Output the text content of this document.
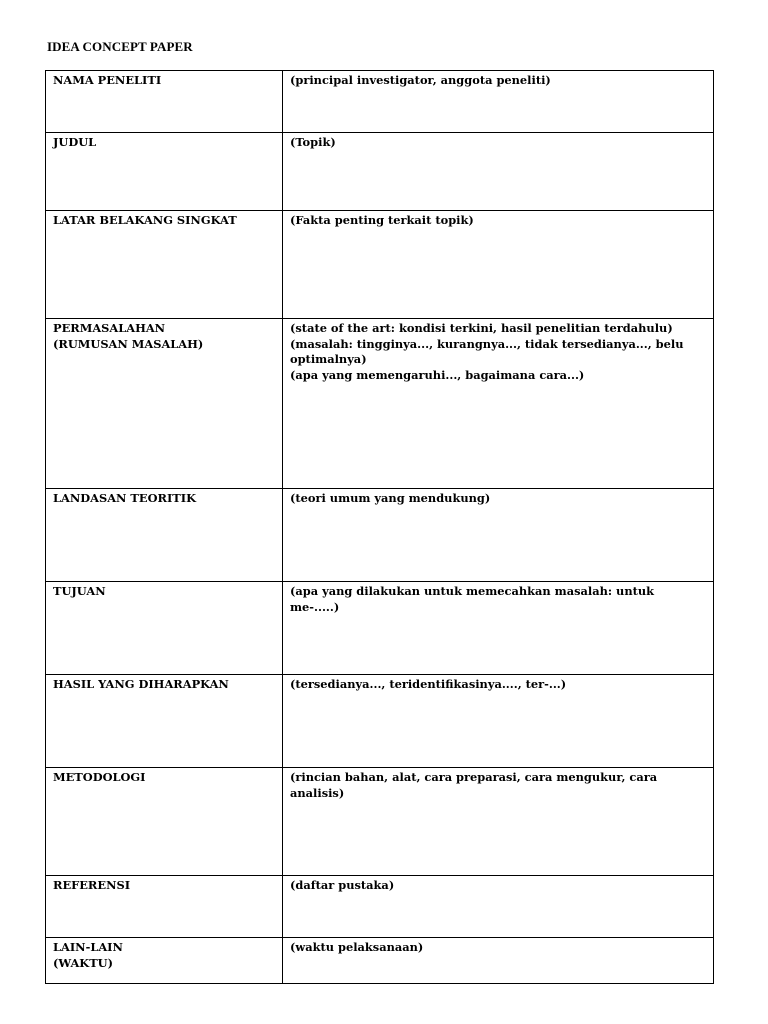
IDEA CONCEPT PAPER
NAMA PENELITI	(principal investigator, anggota peneliti)

JUDUL	(Topik)

LATAR BELAKANG SINGKAT	(Fakta penting terkait topik)

PERMASALAHAN
(RUMUSAN MASALAH)	(state of the art: kondisi terkini, hasil penelitian terdahulu)
(masalah: tingginya..., kurangnya..., tidak tersedianya..., belu optimalnya)
(apa yang memengaruhi..., bagaimana cara...)

LANDASAN TEORITIK	(teori umum yang mendukung)

TUJUAN	(apa yang dilakukan untuk memecahkan masalah: untuk me-.....)

HASIL YANG DIHARAPKAN	(tersedianya..., teridentifikasinya...., ter-...)

METODOLOGI	(rincian bahan, alat, cara preparasi, cara mengukur, cara analisis)

REFERENSI	(daftar pustaka)

LAIN-LAIN
(WAKTU)	(waktu pelaksanaan)
